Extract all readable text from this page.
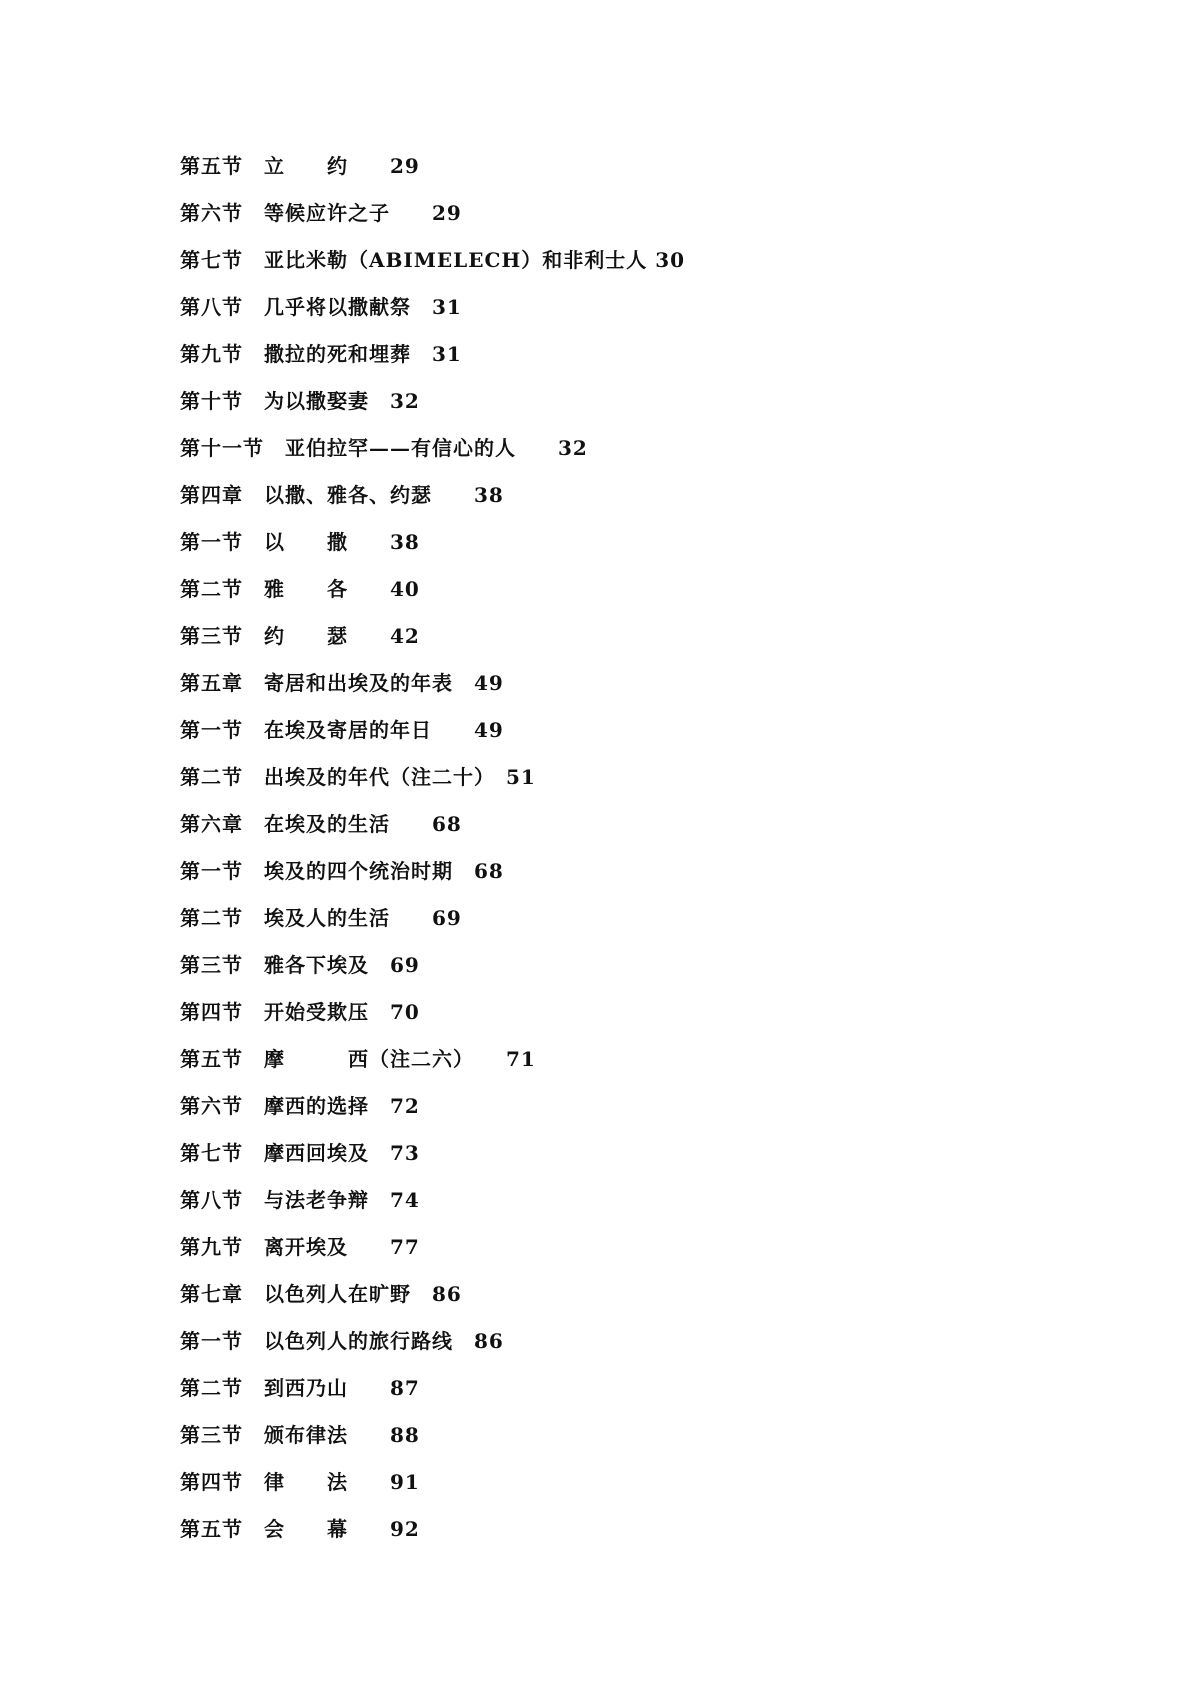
第五节　立　　约　　29
第六节　等候应许之子　　29
第七节　亚比米勒（ABIMELECH）和非利士人 30
第八节　几乎将以撒献祭　31
第九节　撒拉的死和埋葬　31
第十节　为以撒娶妻　32
第十一节　亚伯拉罕——有信心的人　　32
第四章　以撒、雅各、约瑟　　38
第一节　以　　撒　　38
第二节　雅　　各　　40
第三节　约　　瑟　　42
第五章　寄居和出埃及的年表　49
第一节　在埃及寄居的年日　　49
第二节　出埃及的年代（注二十）　51
第六章　在埃及的生活　　68
第一节　埃及的四个统治时期　68
第二节　埃及人的生活　　69
第三节　雅各下埃及　69
第四节　开始受欺压　70
第五节　摩　　　西（注二六）　　71
第六节　摩西的选择　72
第七节　摩西回埃及　73
第八节　与法老争辩　74
第九节　离开埃及　　77
第七章　以色列人在旷野　86
第一节　以色列人的旅行路线　86
第二节　到西乃山　　87
第三节　颁布律法　　88
第四节　律　　法　　91
第五节　会　　幕　　92
